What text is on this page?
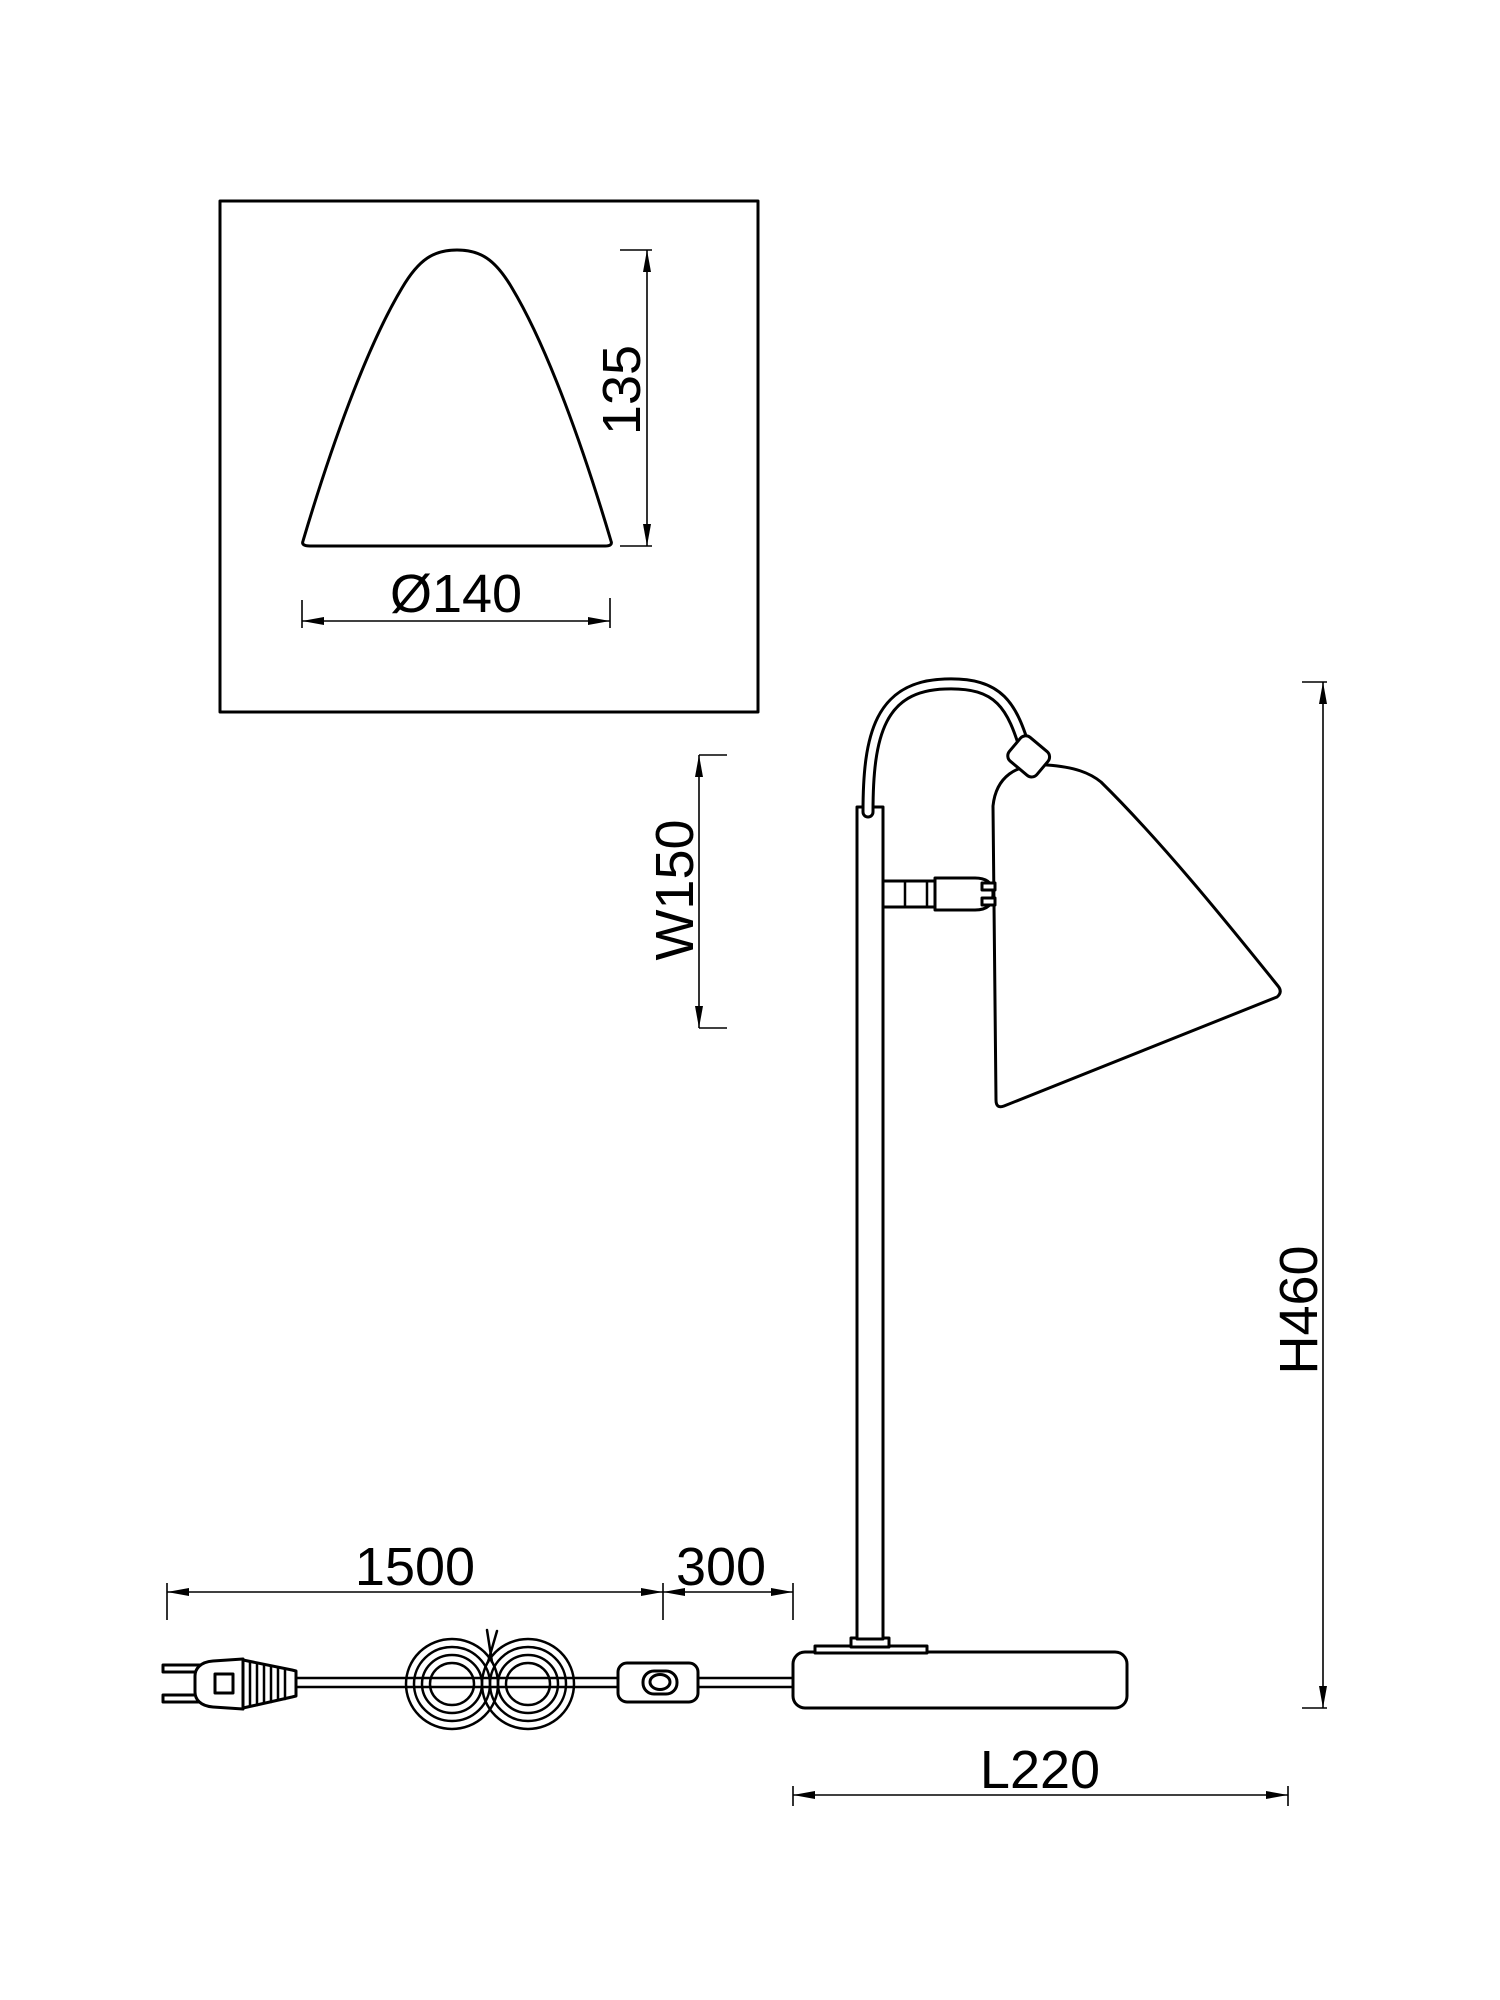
135
Ø140
W150
H460
1500	300
L220
